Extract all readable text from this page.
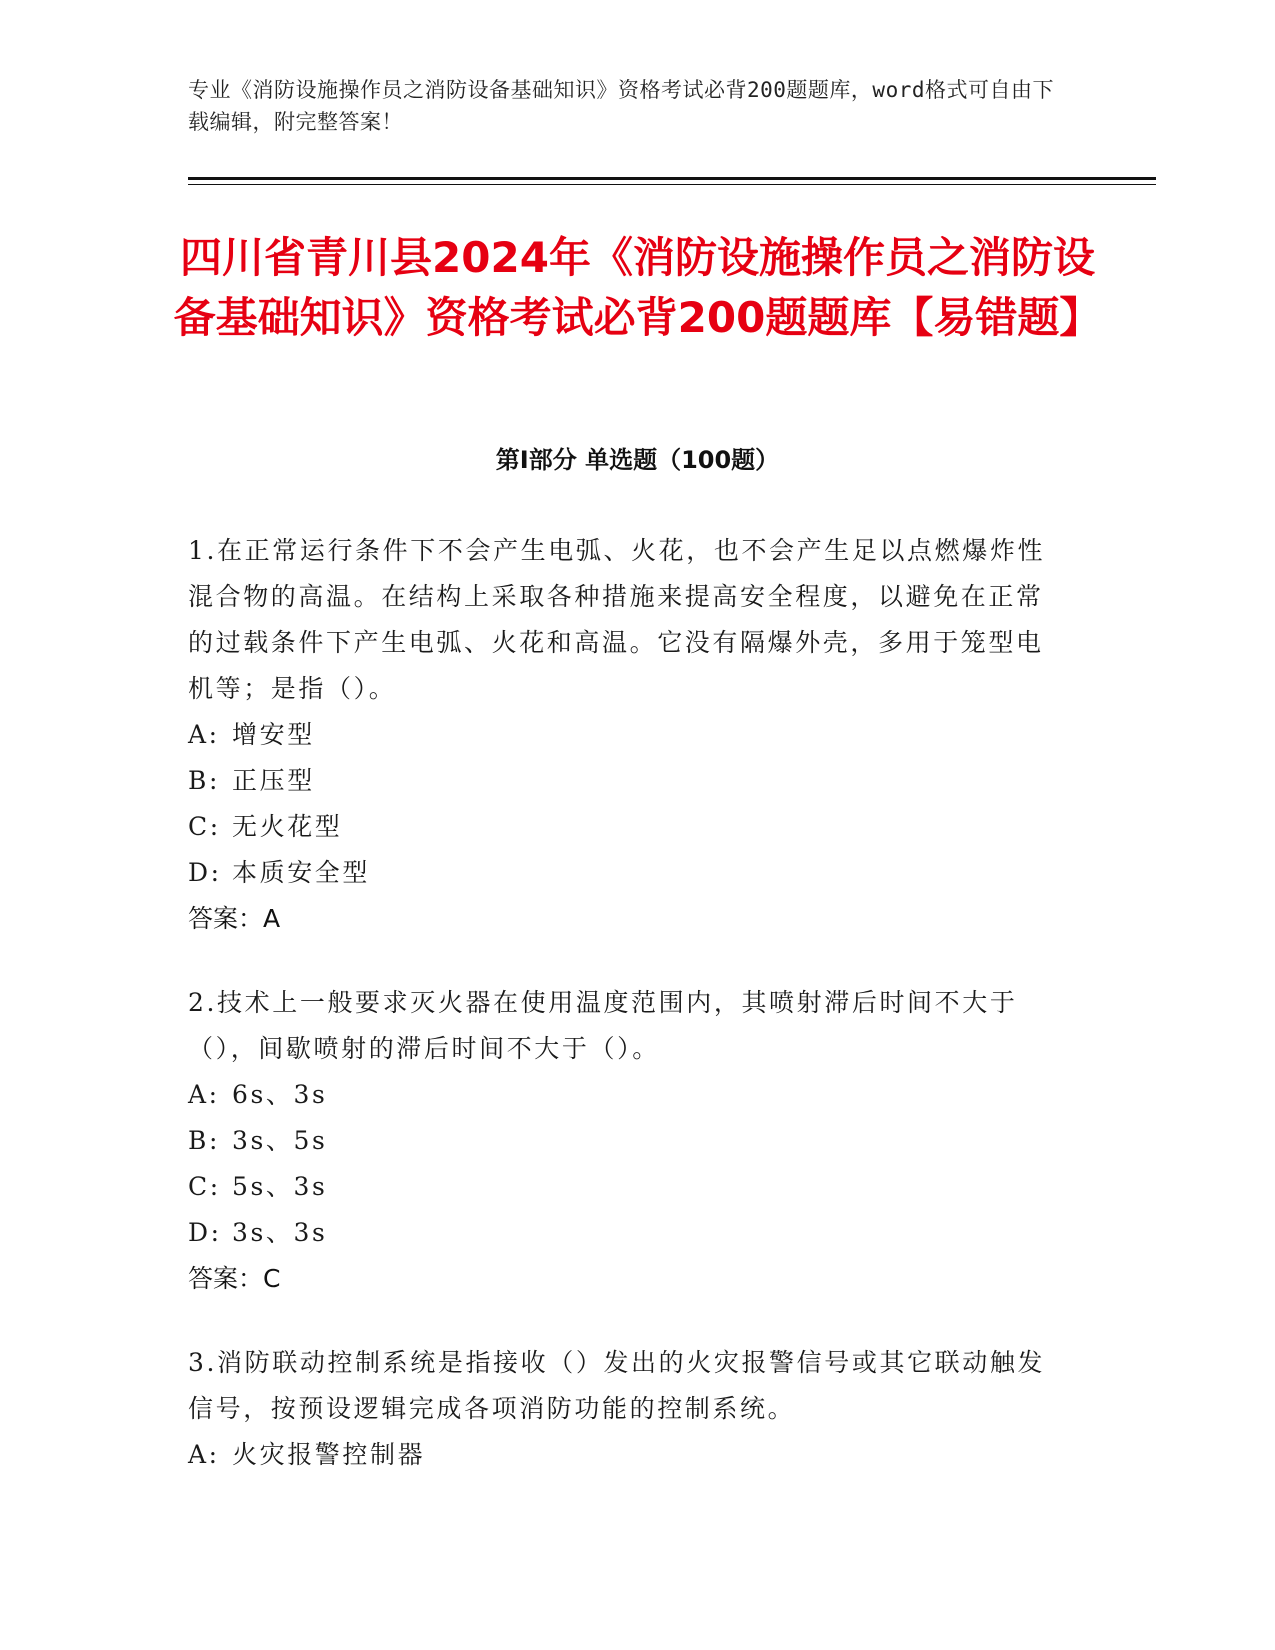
专业《消防设施操作员之消防设备基础知识》资格考试必背200题题库，word格式可自由下载编辑，附完整答案！
四川省青川县2024年《消防设施操作员之消防设备基础知识》资格考试必背200题题库【易错题】
第I部分 单选题（100题）

1.在正常运行条件下不会产生电弧、火花，也不会产生足以点燃爆炸性混合物的高温。在结构上采取各种措施来提高安全程度，以避免在正常的过载条件下产生电弧、火花和高温。它没有隔爆外壳，多用于笼型电机等；是指（）。

A: 增安型

B: 正压型

C: 无火花型

D: 本质安全型

答案：A

2.技术上一般要求灭火器在使用温度范围内，其喷射滞后时间不大于（），间歇喷射的滞后时间不大于（）。

A: 6s、3s

B: 3s、5s

C: 5s、3s

D: 3s、3s

答案：C

3.消防联动控制系统是指接收（）发出的火灾报警信号或其它联动触发信号，按预设逻辑完成各项消防功能的控制系统。

A: 火灾报警控制器
